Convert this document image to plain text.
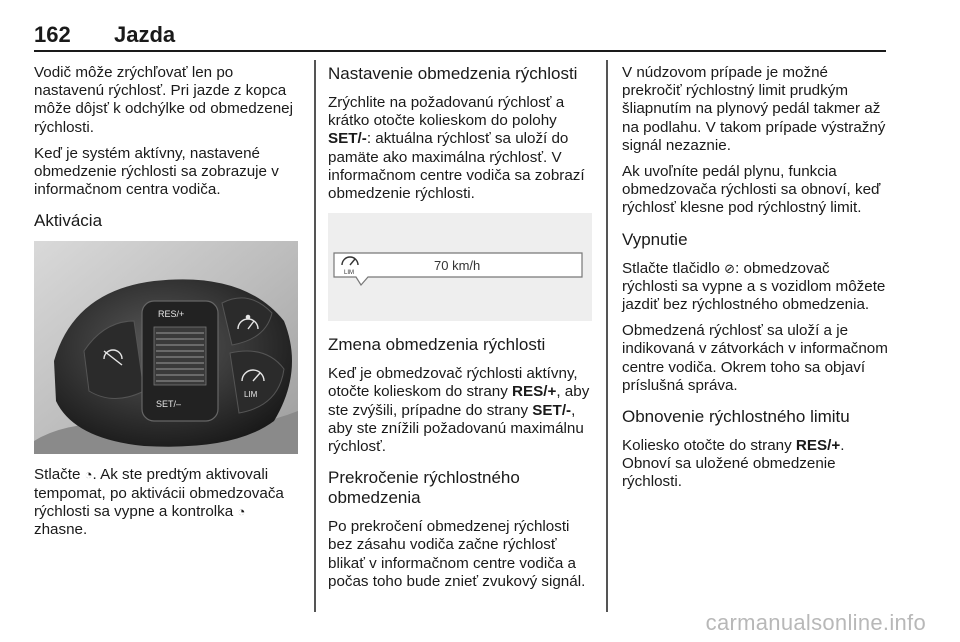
162 Jazda

Vodič môže zrýchľovať len po nastavenú rýchlosť. Pri jazde z kopca môže dôjsť k odchýlke od obmedzenej rýchlosti.

Keď je systém aktívny, nastavené obmedzenie rýchlosti sa zobrazuje v informačnom centra vodiča.

Aktivácia
RES/+
SET/–
LIM

Stlačte ◔. Ak ste predtým aktivovali tempomat, po aktivácii obmedzovača rýchlosti sa vypne a kontrolka ◔ zhasne.

Nastavenie obmedzenia rýchlosti

Zrýchlite na požadovanú rýchlosť a krátko otočte kolieskom do polohy SET/-: aktuálna rýchlosť sa uloží do pamäte ako maximálna rýchlosť. V informačnom centre vodiča sa zobrazí obmedzenie rýchlosti.

LIM	70 km/h
Zmena obmedzenia rýchlosti

Keď je obmedzovač rýchlosti aktívny, otočte kolieskom do strany RES/+, aby ste zvýšili, prípadne do strany SET/-, aby ste znížili požadovanú maximálnu rýchlosť.

Prekročenie rýchlostného obmedzenia

Po prekročení obmedzenej rýchlosti bez zásahu vodiča začne rýchlosť blikať v informačnom centre vodiča a počas toho bude znieť zvukový signál.

V núdzovom prípade je možné prekročiť rýchlostný limit prudkým šliapnutím na plynový pedál takmer až na podlahu. V takom prípade výstražný signál nezaznie.

Ak uvoľníte pedál plynu, funkcia obmedzovača rýchlosti sa obnoví, keď rýchlosť klesne pod rýchlostný limit.

Vypnutie

Stlačte tlačidlo ⊘: obmedzovač rýchlosti sa vypne a s vozidlom môžete jazdiť bez rýchlostného obmedzenia.

Obmedzená rýchlosť sa uloží a je indikovaná v zátvorkách v informačnom centre vodiča. Okrem toho sa objaví príslušná správa.

Obnovenie rýchlostného limitu

Koliesko otočte do strany RES/+.
Obnoví sa uložené obmedzenie rýchlosti.

carmanualsonline.info
